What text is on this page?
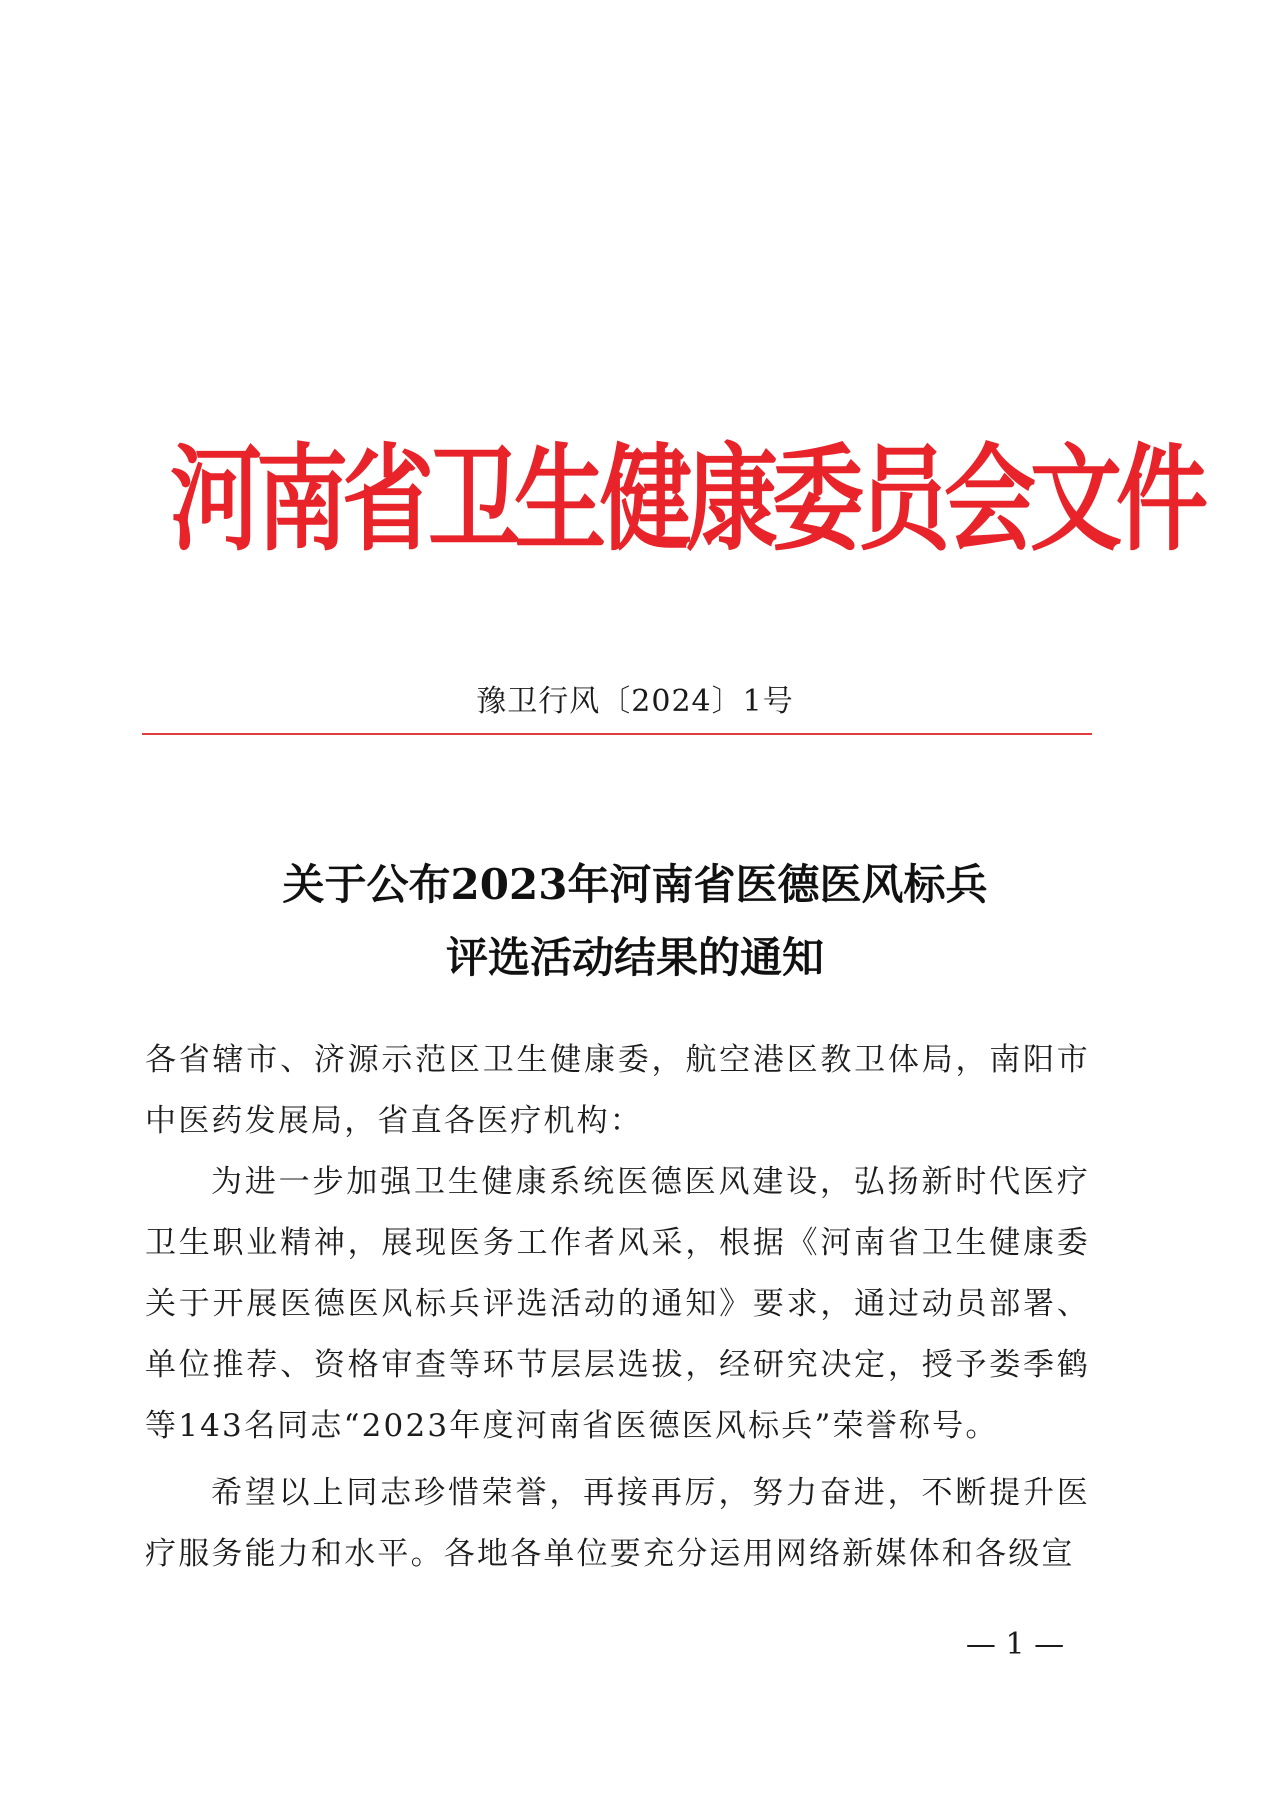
河南省卫生健康委员会文件
豫卫行风〔2024〕1号
关于公布2023年河南省医德医风标兵
评选活动结果的通知

各省辖市、济源示范区卫生健康委，航空港区教卫体局，南阳市中医药发展局，省直各医疗机构：

为进一步加强卫生健康系统医德医风建设，弘扬新时代医疗卫生职业精神，展现医务工作者风采，根据《河南省卫生健康委关于开展医德医风标兵评选活动的通知》要求，通过动员部署、单位推荐、资格审查等环节层层选拔，经研究决定，授予娄季鹤等143名同志“2023年度河南省医德医风标兵”荣誉称号。

希望以上同志珍惜荣誉，再接再厉，努力奋进，不断提升医疗服务能力和水平。各地各单位要充分运用网络新媒体和各级宣

— 1 —
